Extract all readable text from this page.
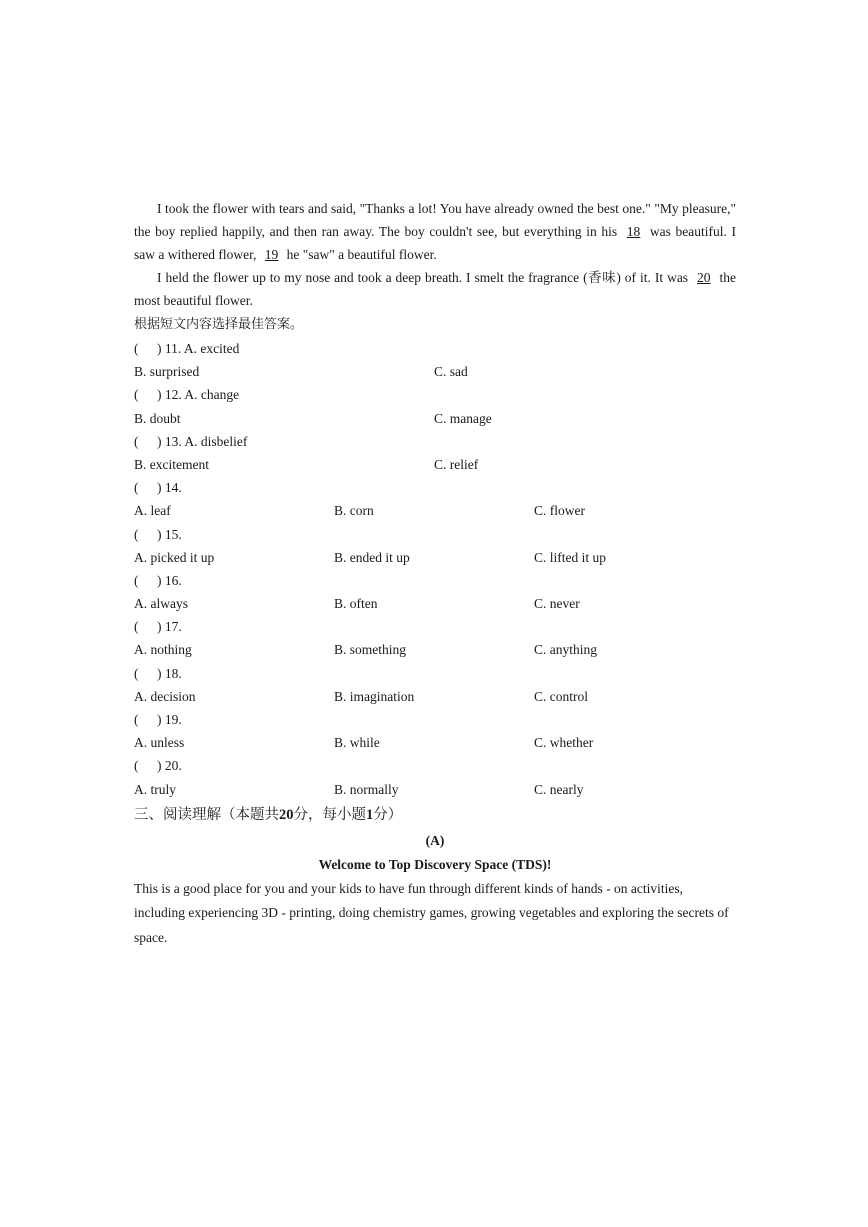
I took the flower with tears and said, "Thanks a lot! You have already owned the best one." "My pleasure," the boy replied happily, and then ran away. The boy couldn't see, but everything in his 18 was beautiful. I saw a withered flower, 19 he "saw" a beautiful flower.

I held the flower up to my nose and took a deep breath. I smelt the fragrance (香味) of it. It was 20 the most beautiful flower.

根据短文内容选择最佳答案。
( ) 11. A. excited
B. surprised	C. sad
( ) 12. A. change
B. doubt	C. manage
( ) 13. A. disbelief
B. excitement	C. relief
( ) 14.
A. leaf	B. corn	C. flower
( ) 15.
A. picked it up	B. ended it up	C. lifted it up
( ) 16.
A. always	B. often	C. never
( ) 17.
A. nothing	B. something	C. anything
( ) 18.
A. decision	B. imagination	C. control
( ) 19.
A. unless	B. while	C. whether
( ) 20.
A. truly	B. normally	C. nearly
三、阅读理解（本题共20分，每小题1分）
(A)
Welcome to Top Discovery Space (TDS)!

This is a good place for you and your kids to have fun through different kinds of hands - on activities, including experiencing 3D - printing, doing chemistry games, growing vegetables and exploring the secrets of space.
